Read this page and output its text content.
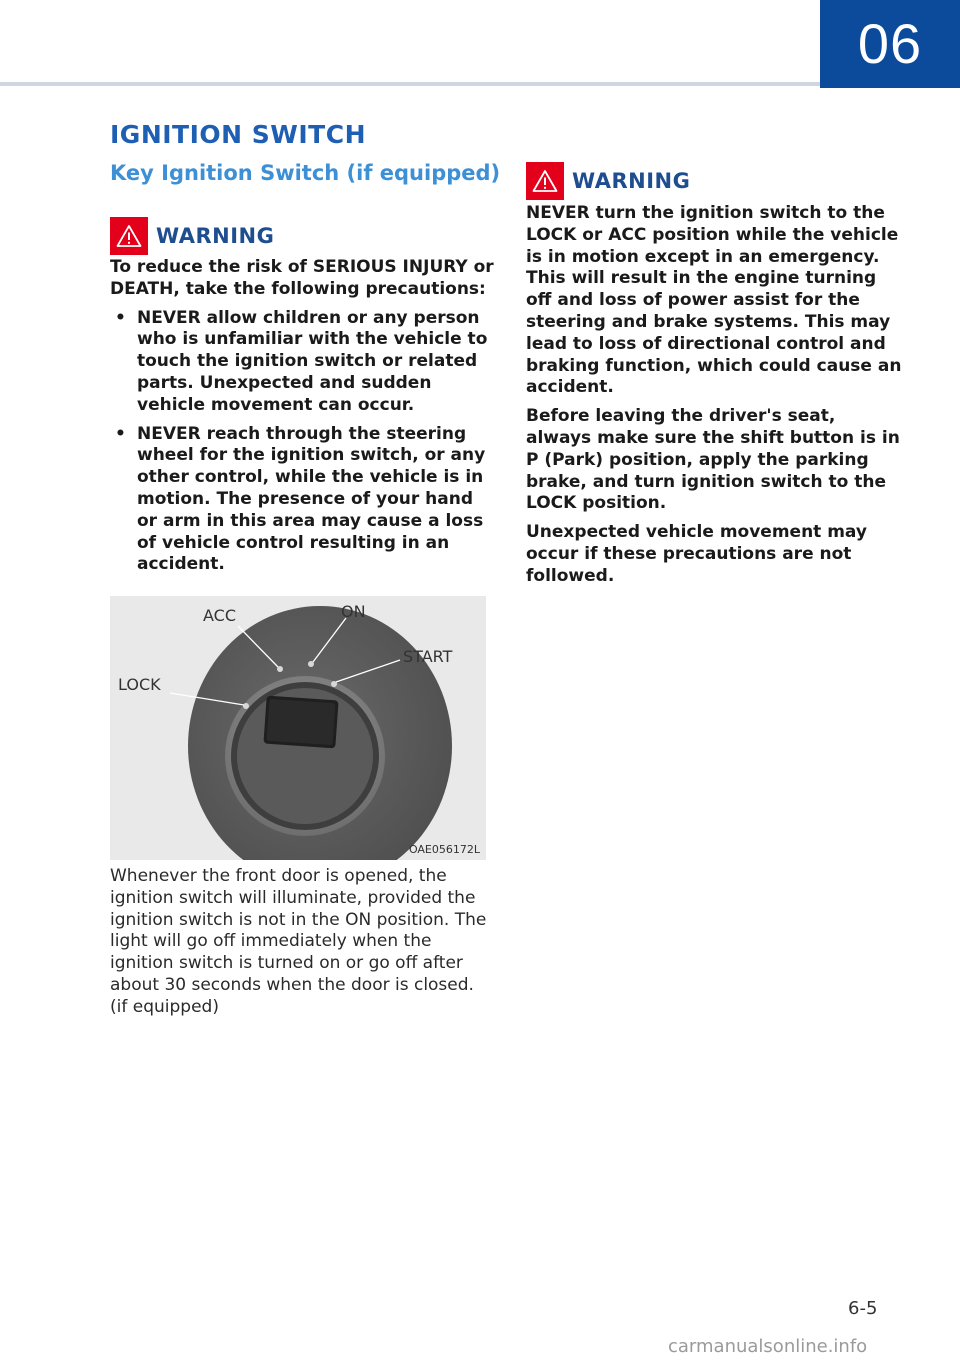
06
IGNITION SWITCH
Key Ignition Switch (if equipped)
WARNING

To reduce the risk of SERIOUS INJURY or DEATH, take the following precautions:

• NEVER allow children or any person who is unfamiliar with the vehicle to touch the ignition switch or related parts. Unexpected and sudden vehicle movement can occur.
• NEVER reach through the steering wheel for the ignition switch, or any other control, while the vehicle is in motion. The presence of your hand or arm in this area may cause a loss of vehicle control resulting in an accident.
ACC	ON
START
LOCK
OAE056172L

Whenever the front door is opened, the ignition switch will illuminate, provided the ignition switch is not in the ON position. The light will go off immediately when the ignition switch is turned on or go off after about 30 seconds when the door is closed. (if equipped)

WARNING

NEVER turn the ignition switch to the LOCK or ACC position while the vehicle is in motion except in an emergency. This will result in the engine turning off and loss of power assist for the steering and brake systems. This may lead to loss of directional control and braking function, which could cause an accident.

Before leaving the driver's seat, always make sure the shift button is in P (Park) position, apply the parking brake, and turn ignition switch to the LOCK position.

Unexpected vehicle movement may occur if these precautions are not followed.

6-5
carmanualsonline.info
